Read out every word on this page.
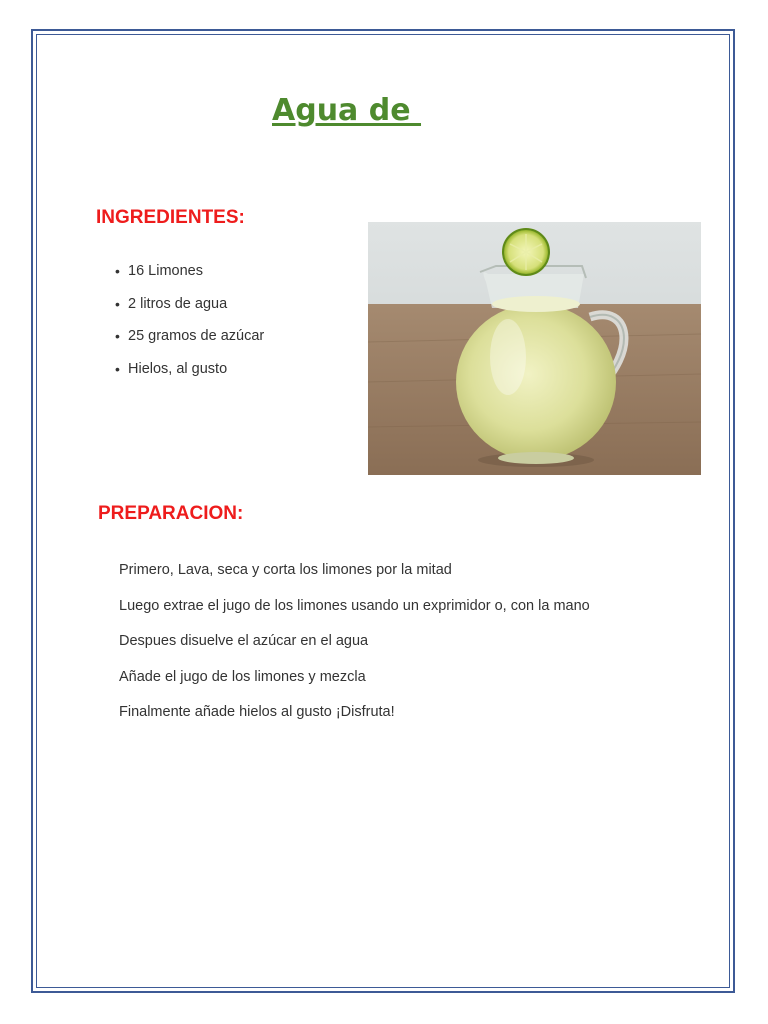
Agua de
INGREDIENTES:
• 16 Limones
• 2 litros de agua
• 25 gramos de azúcar
• Hielos, al gusto
PREPARACION:
Primero, Lava, seca y corta los limones por la mitad
Luego extrae el jugo de los limones usando un exprimidor o, con la mano
Despues disuelve el azúcar en el agua
Añade el jugo de los limones y mezcla
Finalmente añade hielos al gusto ¡Disfruta!
